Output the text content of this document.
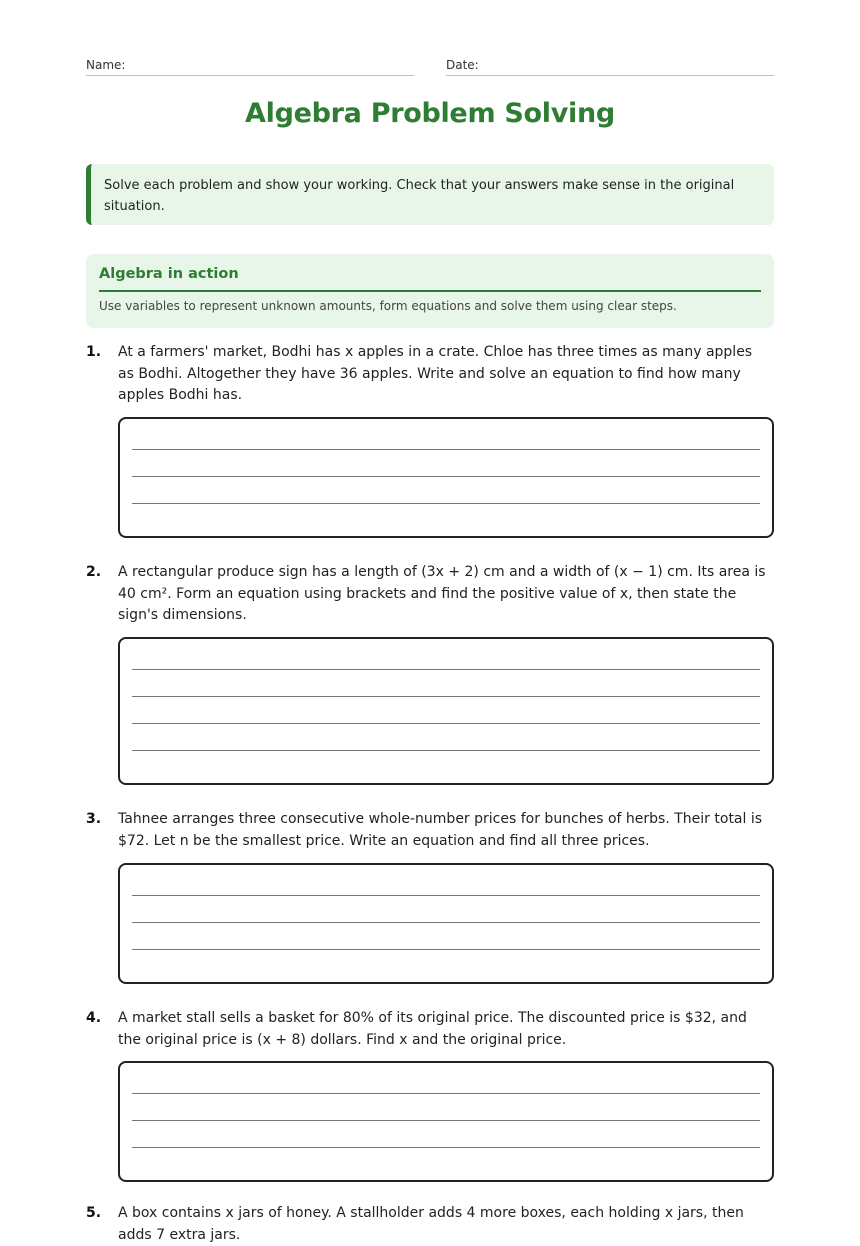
Name:	Date:
Algebra Problem Solving
Solve each problem and show your working. Check that your answers make sense in the original situation.
Algebra in action
Use variables to represent unknown amounts, form equations and solve them using clear steps.
1. At a farmers' market, Bodhi has x apples in a crate. Chloe has three times as many apples as Bodhi. Altogether they have 36 apples. Write and solve an equation to find how many apples Bodhi has.
2. A rectangular produce sign has a length of (3x + 2) cm and a width of (x − 1) cm. Its area is 40 cm². Form an equation using brackets and find the positive value of x, then state the sign's dimensions.
3. Tahnee arranges three consecutive whole-number prices for bunches of herbs. Their total is $72. Let n be the smallest price. Write an equation and find all three prices.
4. A market stall sells a basket for 80% of its original price. The discounted price is $32, and the original price is (x + 8) dollars. Find x and the original price.
5. A box contains x jars of honey. A stallholder adds 4 more boxes, each holding x jars, then adds 7 extra jars.
